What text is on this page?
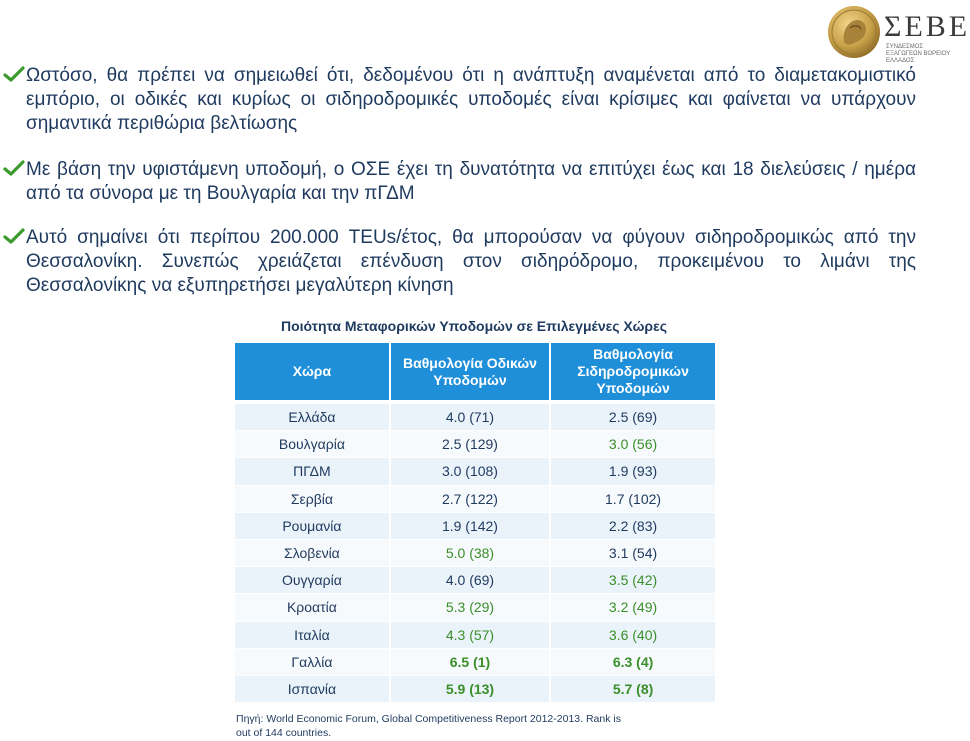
ΣΕΒΕ
ΣΥΝΔΕΣΜΟΣ ΕΞΑΓΩΓΕΩΝ ΒΟΡΕΙΟΥ ΕΛΛΑΔΟΣ
Ωστόσο, θα πρέπει να σημειωθεί ότι, δεδομένου ότι η ανάπτυξη αναμένεται από το διαμετακομιστικό εμπόριο, οι οδικές και κυρίως οι σιδηροδρομικές υποδομές είναι κρίσιμες και φαίνεται να υπάρχουν σημαντικά περιθώρια βελτίωσης
Με βάση την υφιστάμενη υποδομή, ο ΟΣΕ έχει τη δυνατότητα να επιτύχει έως και 18 διελεύσεις / ημέρα από τα σύνορα με τη Βουλγαρία και την πΓΔΜ
Αυτό σημαίνει ότι περίπου 200.000 TEUs/έτος, θα μπορούσαν να φύγουν σιδηροδρομικώς από την Θεσσαλονίκη. Συνεπώς χρειάζεται επένδυση στον σιδηρόδρομο, προκειμένου το λιμάνι της Θεσσαλονίκης να εξυπηρετήσει μεγαλύτερη κίνηση
Ποιότητα Μεταφορικών Υποδομών σε Επιλεγμένες Χώρες
Χώρα	Βαθμολογία Οδικών Υποδομών	Βαθμολογία Σιδηροδρομικών Υποδομών
Ελλάδα	4.0 (71)	2.5 (69)
Βουλγαρία	2.5 (129)	3.0 (56)
ΠΓΔΜ	3.0 (108)	1.9 (93)
Σερβία	2.7 (122)	1.7 (102)
Ρουμανία	1.9 (142)	2.2 (83)
Σλοβενία	5.0 (38)	3.1 (54)
Ουγγαρία	4.0 (69)	3.5 (42)
Κροατία	5.3 (29)	3.2 (49)
Ιταλία	4.3 (57)	3.6 (40)
Γαλλία	6.5 (1)	6.3 (4)
Ισπανία	5.9 (13)	5.7 (8)
Πηγή: World Economic Forum, Global Competitiveness Report 2012-2013. Rank is out of 144 countries.
